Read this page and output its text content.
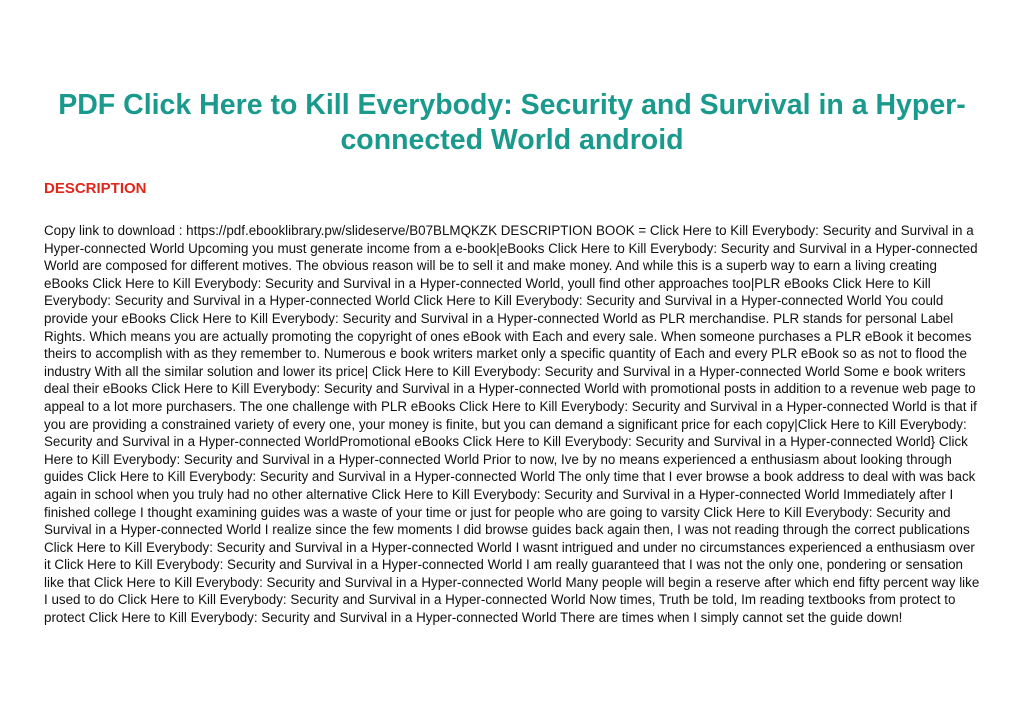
PDF Click Here to Kill Everybody: Security and Survival in a Hyper-connected World android
DESCRIPTION

Copy link to download : https://pdf.ebooklibrary.pw/slideserve/B07BLMQKZK DESCRIPTION BOOK = Click Here to Kill Everybody: Security and Survival in a Hyper-connected World Upcoming you must generate income from a e-book|eBooks Click Here to Kill Everybody: Security and Survival in a Hyper-connected World are composed for different motives. The obvious reason will be to sell it and make money. And while this is a superb way to earn a living creating eBooks Click Here to Kill Everybody: Security and Survival in a Hyper-connected World, youll find other approaches too|PLR eBooks Click Here to Kill Everybody: Security and Survival in a Hyper-connected World Click Here to Kill Everybody: Security and Survival in a Hyper-connected World You could provide your eBooks Click Here to Kill Everybody: Security and Survival in a Hyper-connected World as PLR merchandise. PLR stands for personal Label Rights. Which means you are actually promoting the copyright of ones eBook with Each and every sale. When someone purchases a PLR eBook it becomes theirs to accomplish with as they remember to. Numerous e book writers market only a specific quantity of Each and every PLR eBook so as not to flood the industry With all the similar solution and lower its price| Click Here to Kill Everybody: Security and Survival in a Hyper-connected World Some e book writers deal their eBooks Click Here to Kill Everybody: Security and Survival in a Hyper-connected World with promotional posts in addition to a revenue web page to appeal to a lot more purchasers. The one challenge with PLR eBooks Click Here to Kill Everybody: Security and Survival in a Hyper-connected World is that if you are providing a constrained variety of every one, your money is finite, but you can demand a significant price for each copy|Click Here to Kill Everybody: Security and Survival in a Hyper-connected WorldPromotional eBooks Click Here to Kill Everybody: Security and Survival in a Hyper-connected World} Click Here to Kill Everybody: Security and Survival in a Hyper-connected World Prior to now, Ive by no means experienced a enthusiasm about looking through guides Click Here to Kill Everybody: Security and Survival in a Hyper-connected World The only time that I ever browse a book address to deal with was back again in school when you truly had no other alternative Click Here to Kill Everybody: Security and Survival in a Hyper-connected World Immediately after I finished college I thought examining guides was a waste of your time or just for people who are going to varsity Click Here to Kill Everybody: Security and Survival in a Hyper-connected World I realize since the few moments I did browse guides back again then, I was not reading through the correct publications Click Here to Kill Everybody: Security and Survival in a Hyper-connected World I wasnt intrigued and under no circumstances experienced a enthusiasm over it Click Here to Kill Everybody: Security and Survival in a Hyper-connected World I am really guaranteed that I was not the only one, pondering or sensation like that Click Here to Kill Everybody: Security and Survival in a Hyper-connected World Many people will begin a reserve after which end fifty percent way like I used to do Click Here to Kill Everybody: Security and Survival in a Hyper-connected World Now times, Truth be told, Im reading textbooks from protect to protect Click Here to Kill Everybody: Security and Survival in a Hyper-connected World There are times when I simply cannot set the guide down!
